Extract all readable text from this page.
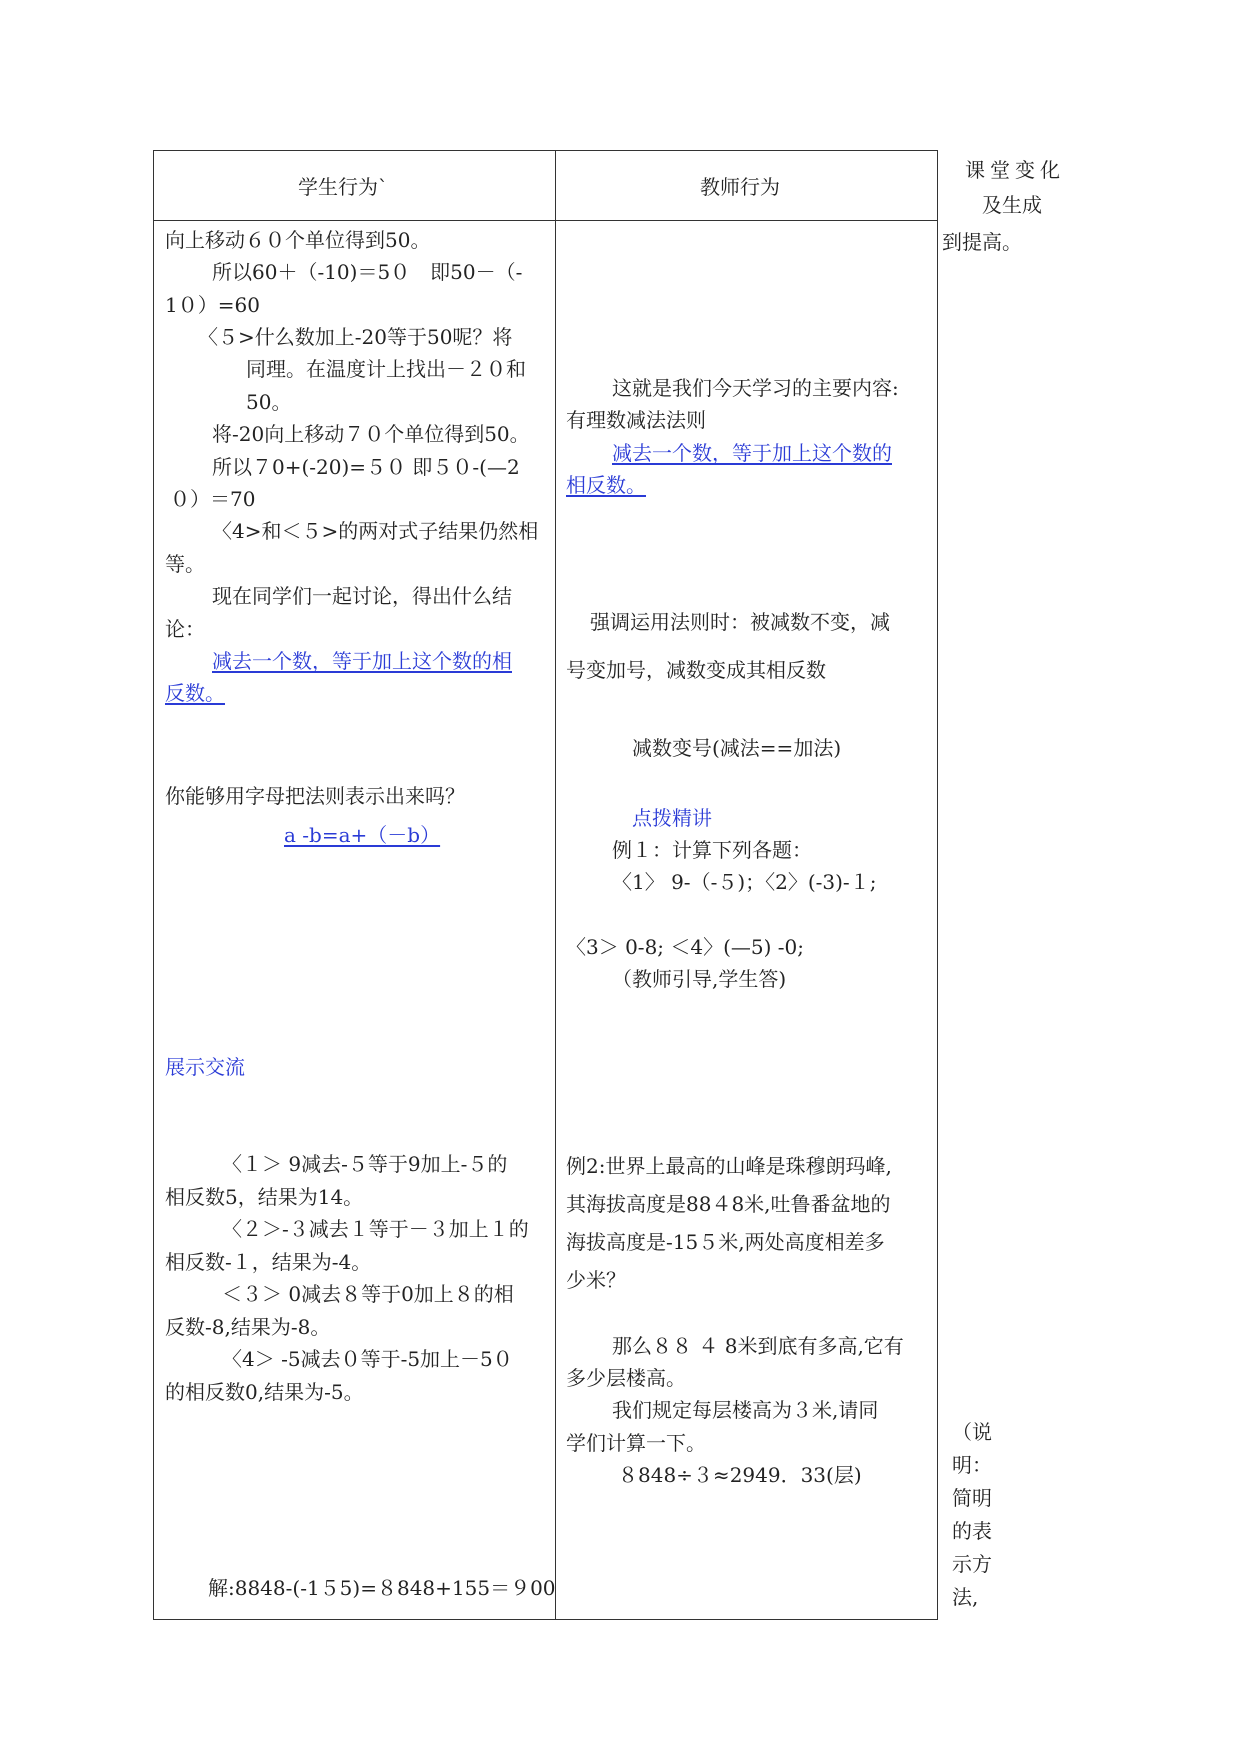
学生行为`	教师行为
课堂变化
及生成
向上移动６０个单位得到50。
所以60＋（-10)＝5０　即50－（-
1０）=60
〈５>什么数加上-20等于50呢？将
同理。在温度计上找出－２０和
50。
将-20向上移动７０个单位得到50。
所以７0+(-20)=５０ 即５０-(—2
０）＝70
〈4>和＜５>的两对式子结果仍然相
等。
现在同学们一起讨论，得出什么结
论：
减去一个数，等于加上这个数的相
反数。
你能够用字母把法则表示出来吗？
a -b=a+（－b）
展示交流
〈１＞ 9减去-５等于9加上-５的
相反数5，结果为14。
〈２＞-３减去１等于－３加上１的
相反数-１，结果为-4。
＜３＞ 0减去８等于0加上８的相
反数-8,结果为-8。
〈4＞ -5减去０等于-5加上－5０
的相反数0,结果为-5。
解:8848-(-1５5)=８848+155＝９00
这就是我们今天学习的主要内容:
有理数减法法则
减去一个数，等于加上这个数的
相反数。
强调运用法则时：被减数不变，减
号变加号，减数变成其相反数
减数变号(减法==加法)
点拨精讲
例１：计算下列各题：
〈1〉 9-（-５)；〈2〉(-3)-１;
〈3＞ 0-8; ＜4〉(—5) -0;
（教师引导,学生答)
例2:世界上最高的山峰是珠穆朗玛峰,
其海拔高度是88４8米,吐鲁番盆地的
海拔高度是-15５米,两处高度相差多
少米？
那么８８ ４ 8米到底有多高,它有
多少层楼高。
我们规定每层楼高为３米,请同
学们计算一下。
８848÷３≈2949．33(层)
到提高。
（说
明：
简明
的表
示方
法,
